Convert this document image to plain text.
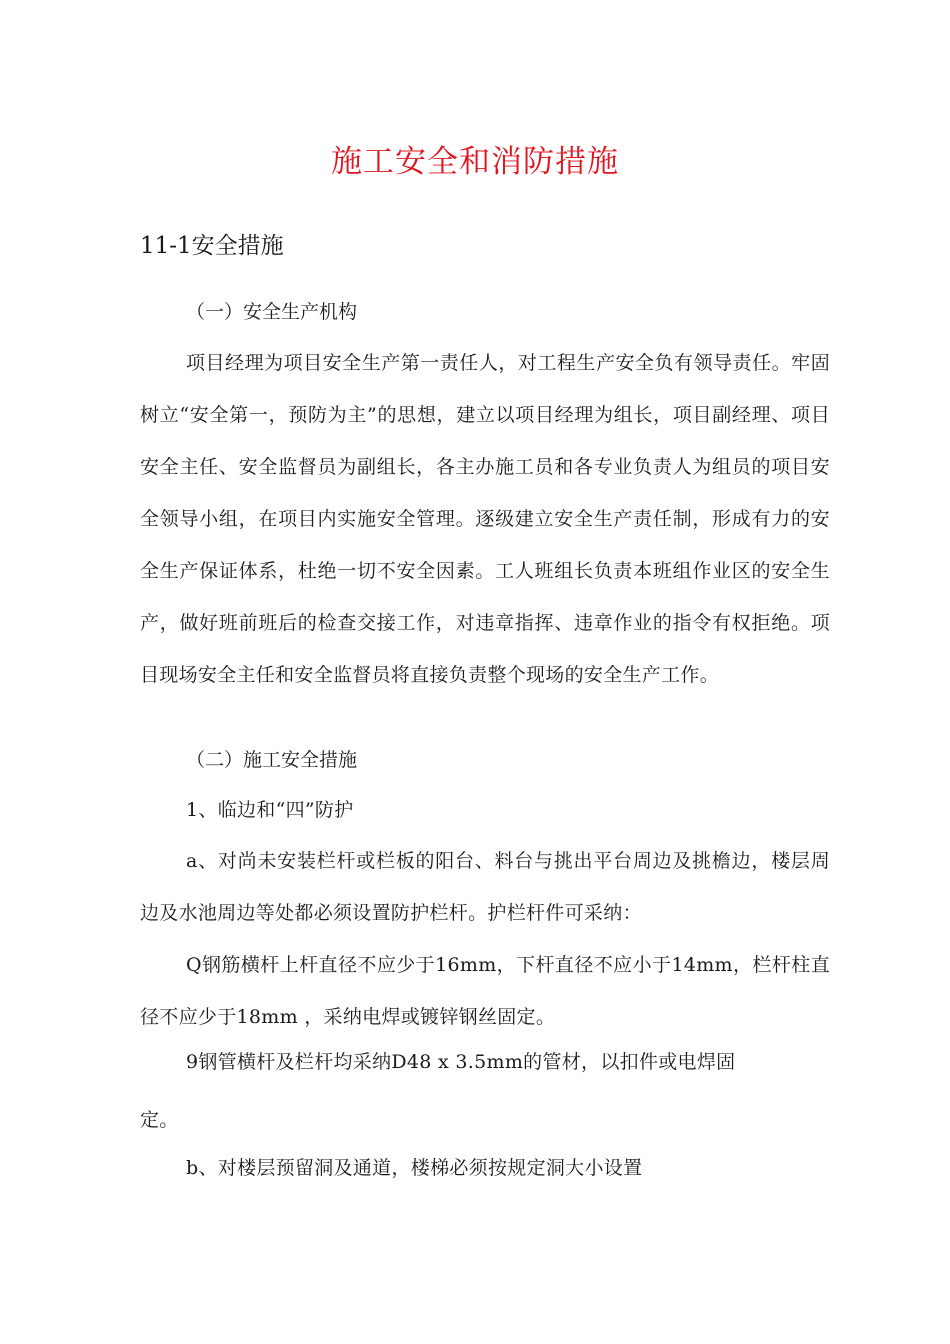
施工安全和消防措施
11-1安全措施
（一）安全生产机构
项目经理为项目安全生产第一责任人，对工程生产安全负有领导责任。牢固树立“安全第一，预防为主”的思想，建立以项目经理为组长，项目副经理、项目安全主任、安全监督员为副组长，各主办施工员和各专业负责人为组员的项目安全领导小组，在项目内实施安全管理。逐级建立安全生产责任制，形成有力的安全生产保证体系，杜绝一切不安全因素。工人班组长负责本班组作业区的安全生产，做好班前班后的检查交接工作，对违章指挥、违章作业的指令有权拒绝。项目现场安全主任和安全监督员将直接负责整个现场的安全生产工作。
（二）施工安全措施
1、临边和“四”防护
a、对尚未安装栏杆或栏板的阳台、料台与挑出平台周边及挑檐边，楼层周边及水池周边等处都必须设置防护栏杆。护栏杆件可采纳：
Q钢筋横杆上杆直径不应少于16mm，下杆直径不应小于14mm，栏杆柱直径不应少于18mm ，采纳电焊或镀锌钢丝固定。
9钢管横杆及栏杆均采纳D48 x 3.5mm的管材，以扣件或电焊固
定。
b、对楼层预留洞及通道，楼梯必须按规定洞大小设置
